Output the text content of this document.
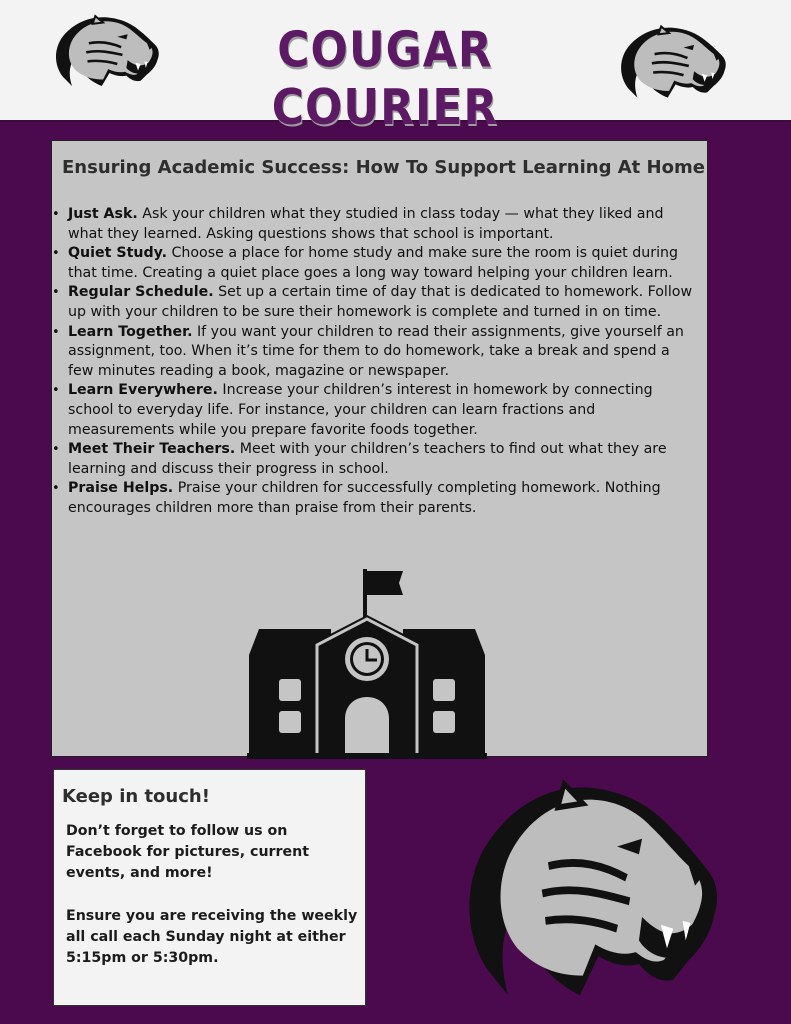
COUGAR COURIER
Ensuring Academic Success: How To Support Learning At Home
• Just Ask. Ask your children what they studied in class today — what they liked and what they learned. Asking questions shows that school is important.
• Quiet Study. Choose a place for home study and make sure the room is quiet during that time. Creating a quiet place goes a long way toward helping your children learn.
• Regular Schedule. Set up a certain time of day that is dedicated to homework. Follow up with your children to be sure their homework is complete and turned in on time.
• Learn Together. If you want your children to read their assignments, give yourself an assignment, too. When it’s time for them to do homework, take a break and spend a few minutes reading a book, magazine or newspaper.
• Learn Everywhere. Increase your children’s interest in homework by connecting school to everyday life. For instance, your children can learn fractions and measurements while you prepare favorite foods together.
• Meet Their Teachers. Meet with your children’s teachers to find out what they are learning and discuss their progress in school.
• Praise Helps. Praise your children for successfully completing homework. Nothing encourages children more than praise from their parents.
Keep in touch!

Don’t forget to follow us on Facebook for pictures, current events, and more!

Ensure you are receiving the weekly all call each Sunday night at either 5:15pm or 5:30pm.
